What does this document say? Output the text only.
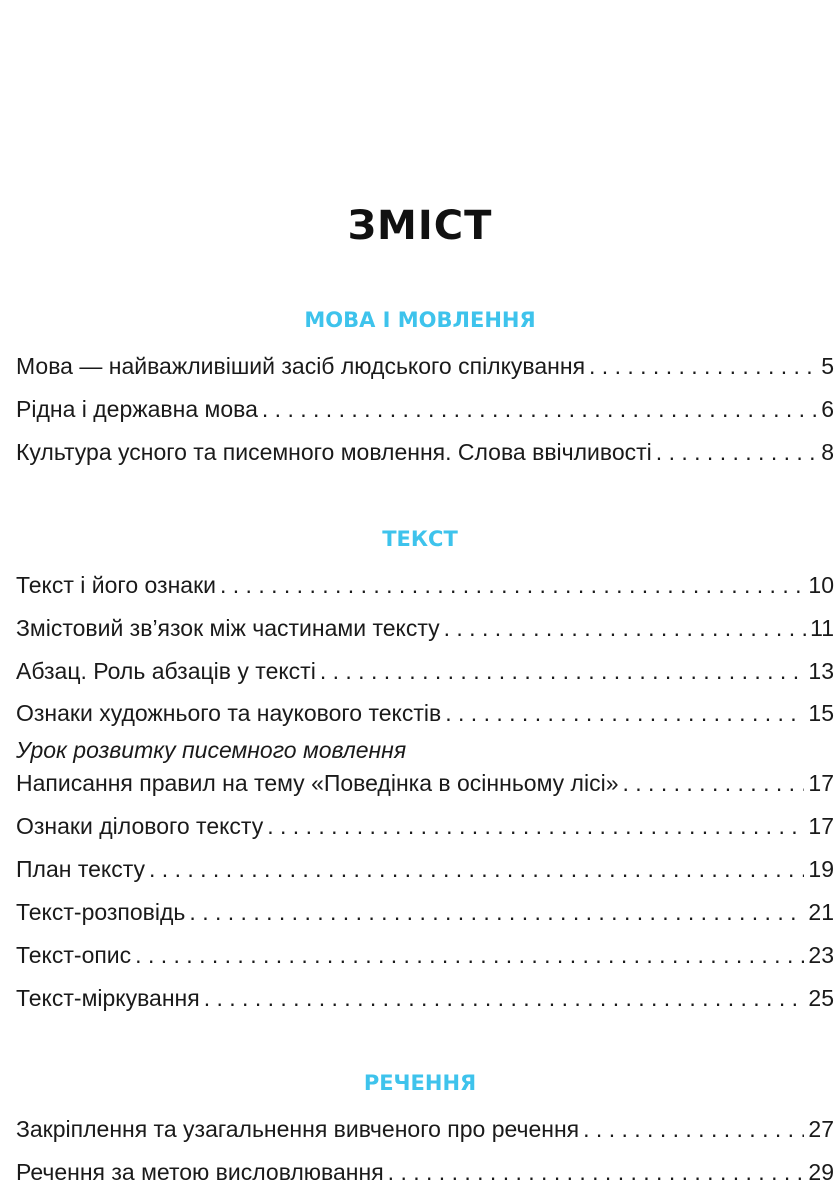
ЗМІСТ
МОВА І МОВЛЕННЯ
Мова — найважливіший засіб людського спілкування . . .	5
Рідна і державна мова . . .	6
Культура усного та писемного мовлення. Слова ввічливості . . .	8
ТЕКСТ
Текст і його ознаки . . .	10
Змістовий зв’язок між частинами тексту . . .	11
Абзац. Роль абзаців у тексті . . .	13
Ознаки художнього та наукового текстів . . .	15
Урок розвитку писемного мовлення
Написання правил на тему «Поведінка в осінньому лісі» . . .	17
Ознаки ділового тексту . . .	17
План тексту . . .	19
Текст-розповідь . . .	21
Текст-опис . . .	23
Текст-міркування . . .	25
РЕЧЕННЯ
Закріплення та узагальнення вивченого про речення . . .	27
Речення за метою висловлювання . . .	29
